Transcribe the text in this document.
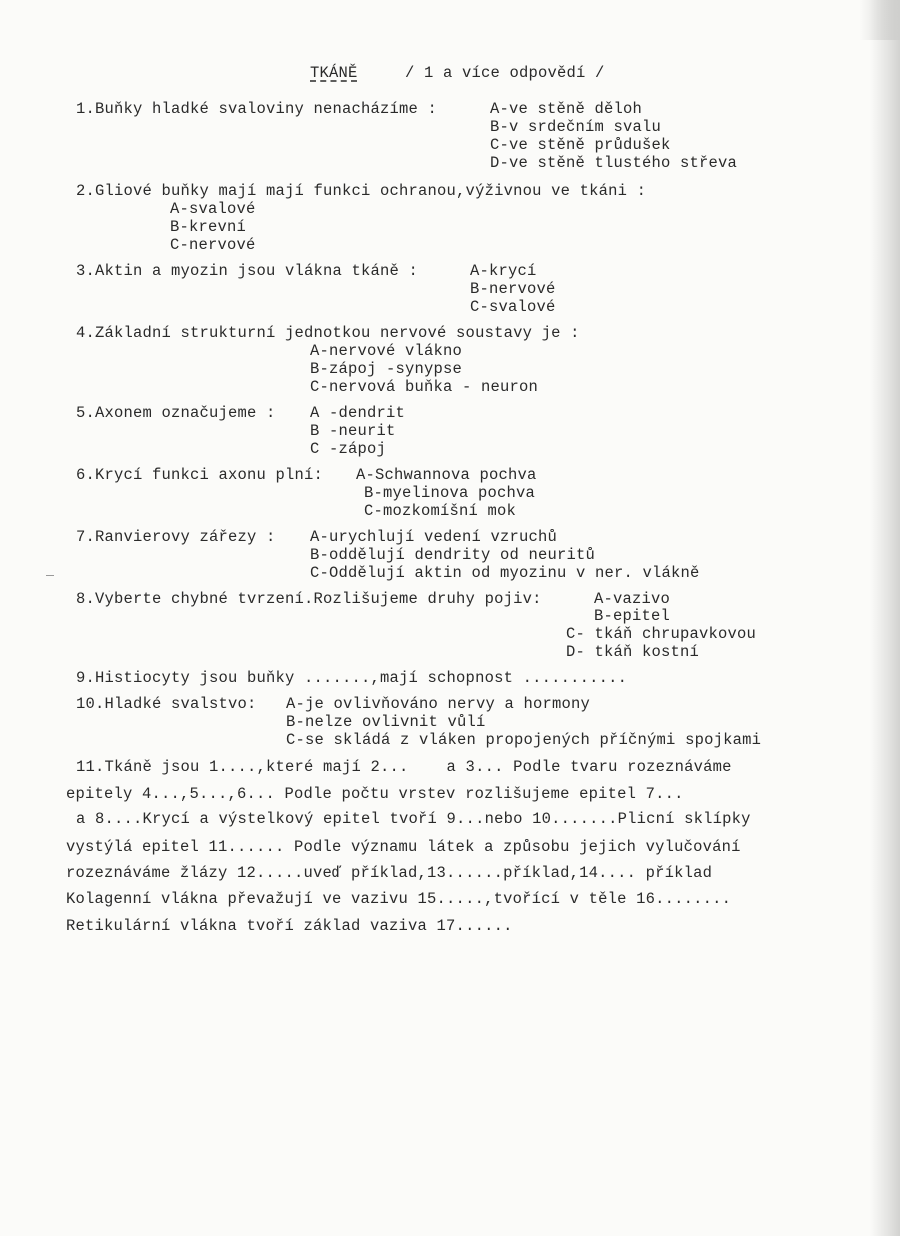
TKÁNĚ	/ 1 a více odpovědí /
1.Buňky hladké svaloviny nenacházíme :	A-ve stěně děloh
B-v srdečním svalu
C-ve stěně průdušek
D-ve stěně tlustého střeva
2.Gliové buňky mají mají funkci ochranou,výživnou ve tkáni :
A-svalové
B-krevní
C-nervové
3.Aktin a myozin jsou vlákna tkáně :	A-krycí
B-nervové
C-svalové
4.Základní strukturní jednotkou nervové soustavy je :
A-nervové vlákno
B-zápoj -synypse
C-nervová buňka - neuron
5.Axonem označujeme : A -dendrit
B -neurit
C -zápoj
6.Krycí funkci axonu plní: A-Schwannova pochva
B-myelinova pochva
C-mozkomíšní mok
7.Ranvierovy zářezy : A-urychlují vedení vzruchů
B-oddělují dendrity od neuritů
C-Oddělují aktin od myozinu v ner. vlákně
8.Vyberte chybné tvrzení.Rozlišujeme druhy pojiv:	A-vazivo
B-epitel
C- tkáň chrupavkovou
D- tkáň kostní
9.Histiocyty jsou buňky .......,mají schopnost ...........
10.Hladké svalstvo: A-je ovlivňováno nervy a hormony
B-nelze ovlivnit vůlí
C-se skládá z vláken propojených příčnými spojkami
11.Tkáně jsou 1....,které mají 2...    a 3... Podle tvaru rozeznáváme
epitely 4...,5...,6... Podle počtu vrstev rozlišujeme epitel 7...
a 8....Krycí a výstelkový epitel tvoří 9...nebo 10.......Plicní sklípky
vystýlá epitel 11...... Podle významu látek a způsobu jejich vylučování
rozeznáváme žlázy 12.....uveď příklad,13......příklad,14.... příklad
Kolagenní vlákna převažují ve vazivu 15.....,tvořící v těle 16........
Retikulární vlákna tvoří základ vaziva 17......
